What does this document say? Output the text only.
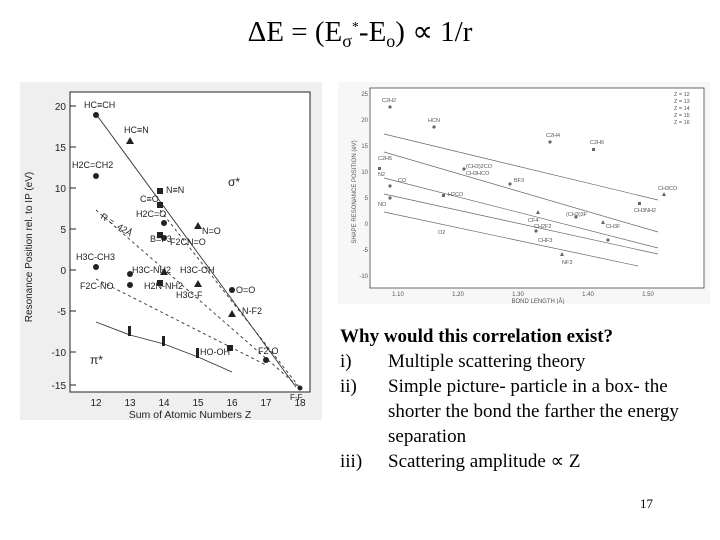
$\Delta E = (E_\sigma^*-E_o) \propto 1/r$
20
15
10
5
0
-5
-10
-15
12 13 14 15 16 17 18
Sum of Atomic Numbers Z
Resonance Position rel. to IP (eV)
HC≡CH
HC≡N
H2C=CH2
N≡N
C≡O
H2C=O
N=O
B=F3
F2CN=O
R = .42Å
σ*
H3C-CH3
H3C-NH2 H3C-OH
F2C-NO	H2N-NH2
H3C-F	O=O
N-F2
HO-OH	F2-O
π*
F-F
25
20
15
10
5
0
-5
-10
SHAPE RESONANCE POSITION (eV)
1.10	1.20	1.30	1.40	1.50
BOND LENGTH (Å)
Z = 12
Z = 13
Z = 14
Z = 15
Z = 16
C2H2
HCN
C2H4
C2H6
C2H5
N2
CO
(CH3)2CO
CH3HCO
BF3
H2CO
NO
CF4
(CH3)3F
CH2F2
O2
CHF3
CH3F
CH3NH2
CH3CO
NF3
Why would this correlation exist?
i) Multiple scattering theory
ii) Simple picture- particle in a box- the shorter the bond the farther the energy separation
iii) Scattering amplitude ∝ Z
17
